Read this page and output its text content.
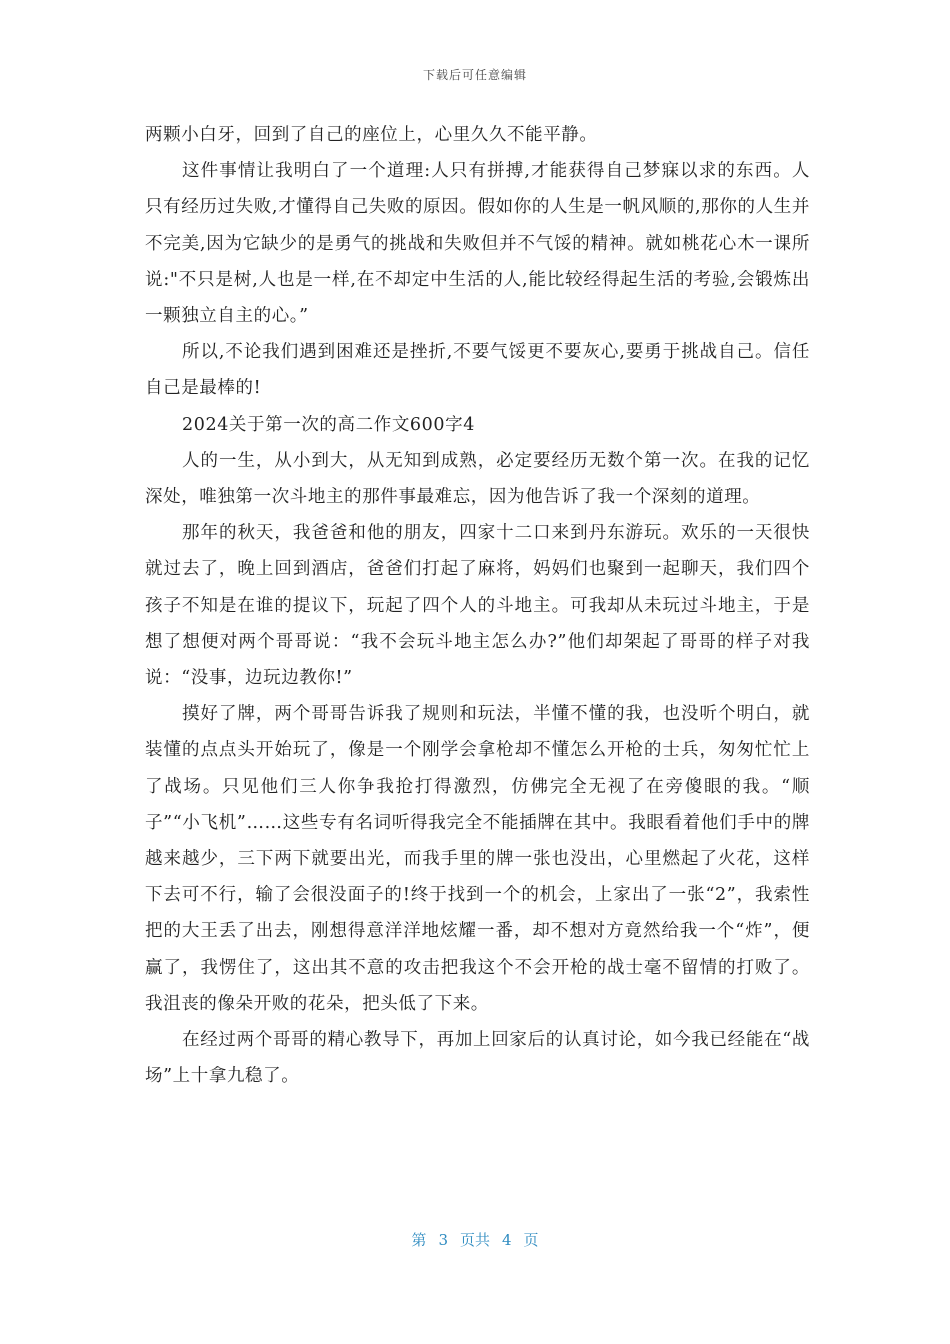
下载后可任意编辑

两颗小白牙，回到了自己的座位上，心里久久不能平静。

这件事情让我明白了一个道理:人只有拼搏,才能获得自己梦寐以求的东西。人只有经历过失败,才懂得自己失败的原因。假如你的人生是一帆风顺的,那你的人生并不完美,因为它缺少的是勇气的挑战和失败但并不气馁的精神。就如桃花心木一课所说:"不只是树,人也是一样,在不却定中生活的人,能比较经得起生活的考验,会锻炼出一颗独立自主的心。”

所以,不论我们遇到困难还是挫折,不要气馁更不要灰心,要勇于挑战自己。信任自己是最棒的!

2024关于第一次的高二作文600字4

人的一生，从小到大，从无知到成熟，必定要经历无数个第一次。在我的记忆深处，唯独第一次斗地主的那件事最难忘，因为他告诉了我一个深刻的道理。

那年的秋天，我爸爸和他的朋友，四家十二口来到丹东游玩。欢乐的一天很快就过去了，晚上回到酒店，爸爸们打起了麻将，妈妈们也聚到一起聊天，我们四个孩子不知是在谁的提议下，玩起了四个人的斗地主。可我却从未玩过斗地主，于是想了想便对两个哥哥说：“我不会玩斗地主怎么办?”他们却架起了哥哥的样子对我说：“没事，边玩边教你!”

摸好了牌，两个哥哥告诉我了规则和玩法，半懂不懂的我，也没听个明白，就装懂的点点头开始玩了，像是一个刚学会拿枪却不懂怎么开枪的士兵，匆匆忙忙上了战场。只见他们三人你争我抢打得激烈，仿佛完全无视了在旁傻眼的我。“顺子”“小飞机”……这些专有名词听得我完全不能插牌在其中。我眼看着他们手中的牌越来越少，三下两下就要出光，而我手里的牌一张也没出，心里燃起了火花，这样下去可不行，输了会很没面子的!终于找到一个的机会，上家出了一张“2”，我索性把的大王丢了出去，刚想得意洋洋地炫耀一番，却不想对方竟然给我一个“炸”，便赢了，我愣住了，这出其不意的攻击把我这个不会开枪的战士毫不留情的打败了。我沮丧的像朵开败的花朵，把头低了下来。

在经过两个哥哥的精心教导下，再加上回家后的认真讨论，如今我已经能在“战场”上十拿九稳了。

第 3 页共 4 页
